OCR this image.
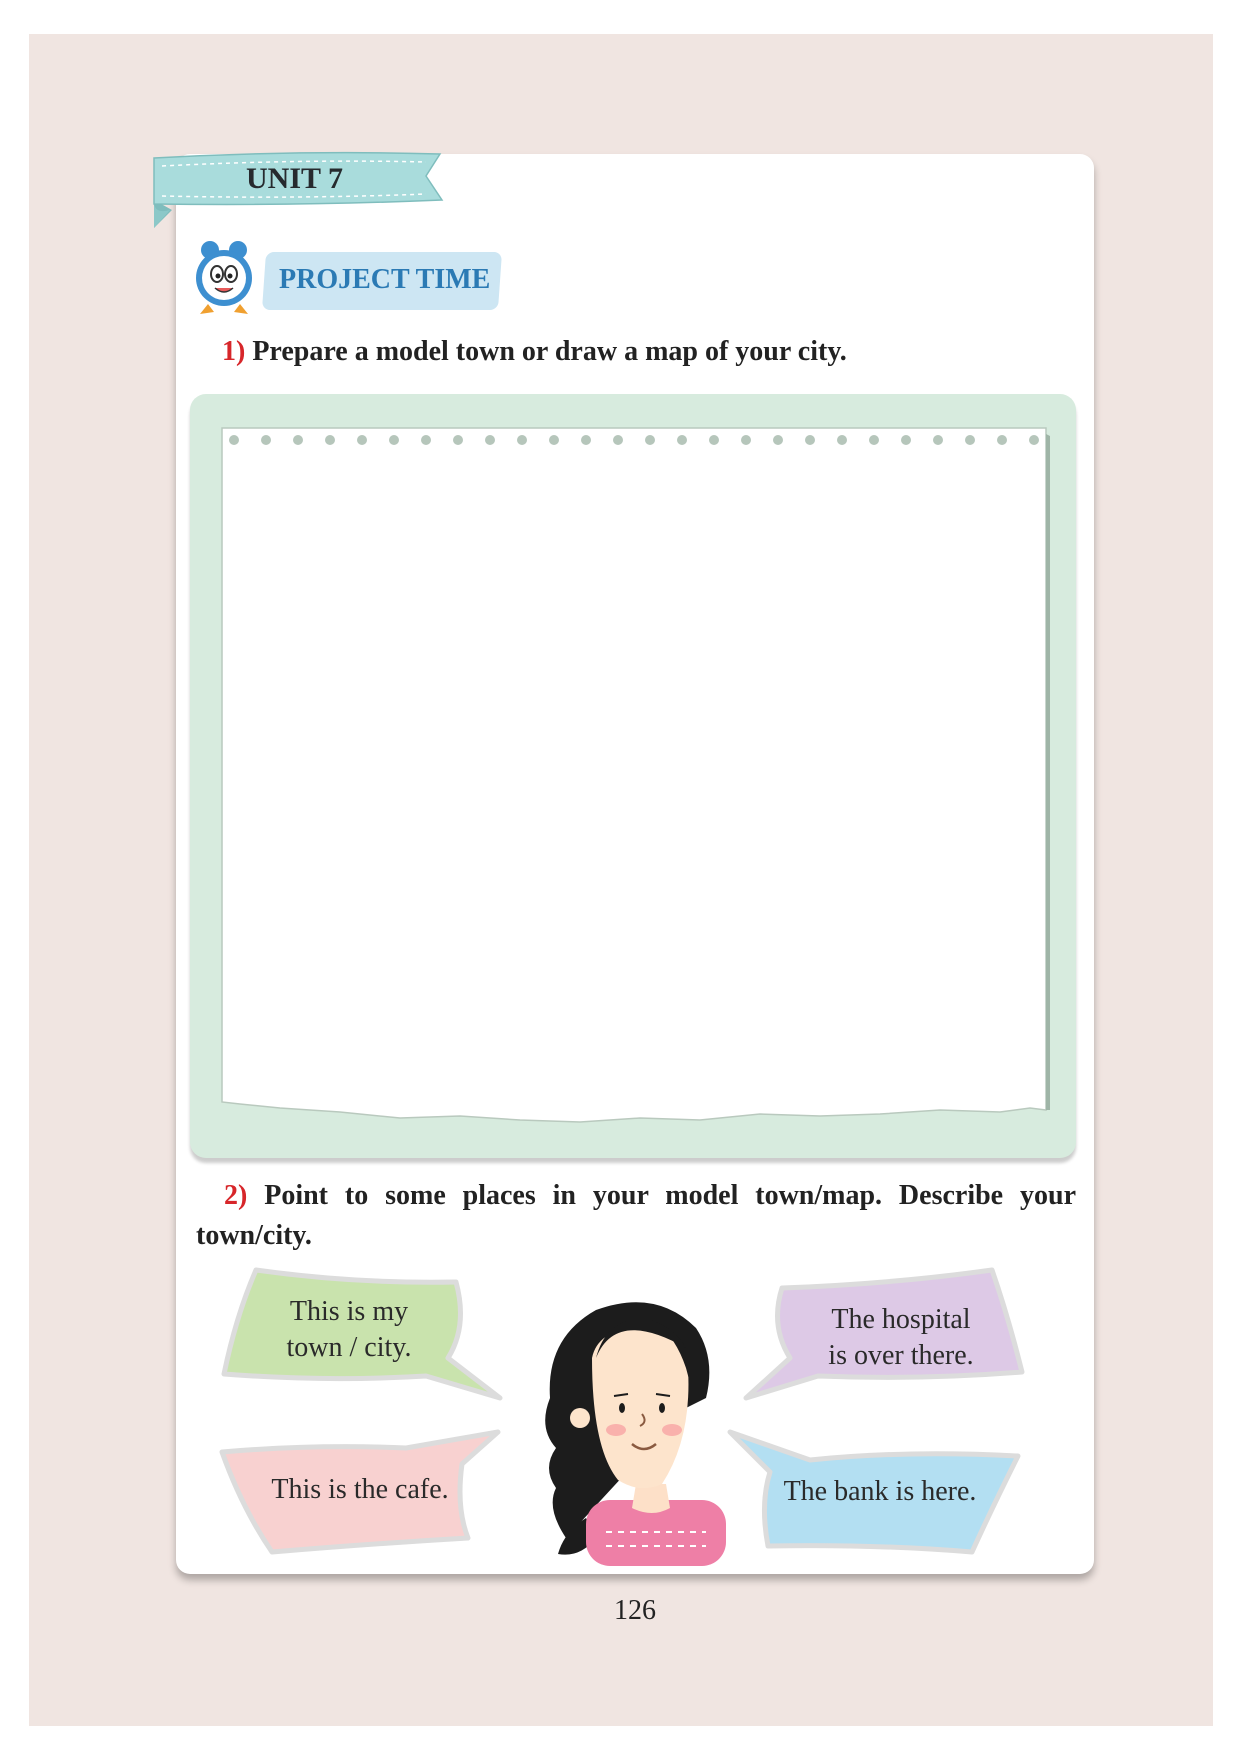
UNIT 7
PROJECT TIME
1) Prepare a model town or draw a map of your city.
2) Point to some places in your model town/map. Describe your town/city.
This is my
town / city.
This is the cafe.
The hospital
is over there.
The bank is here.
126
